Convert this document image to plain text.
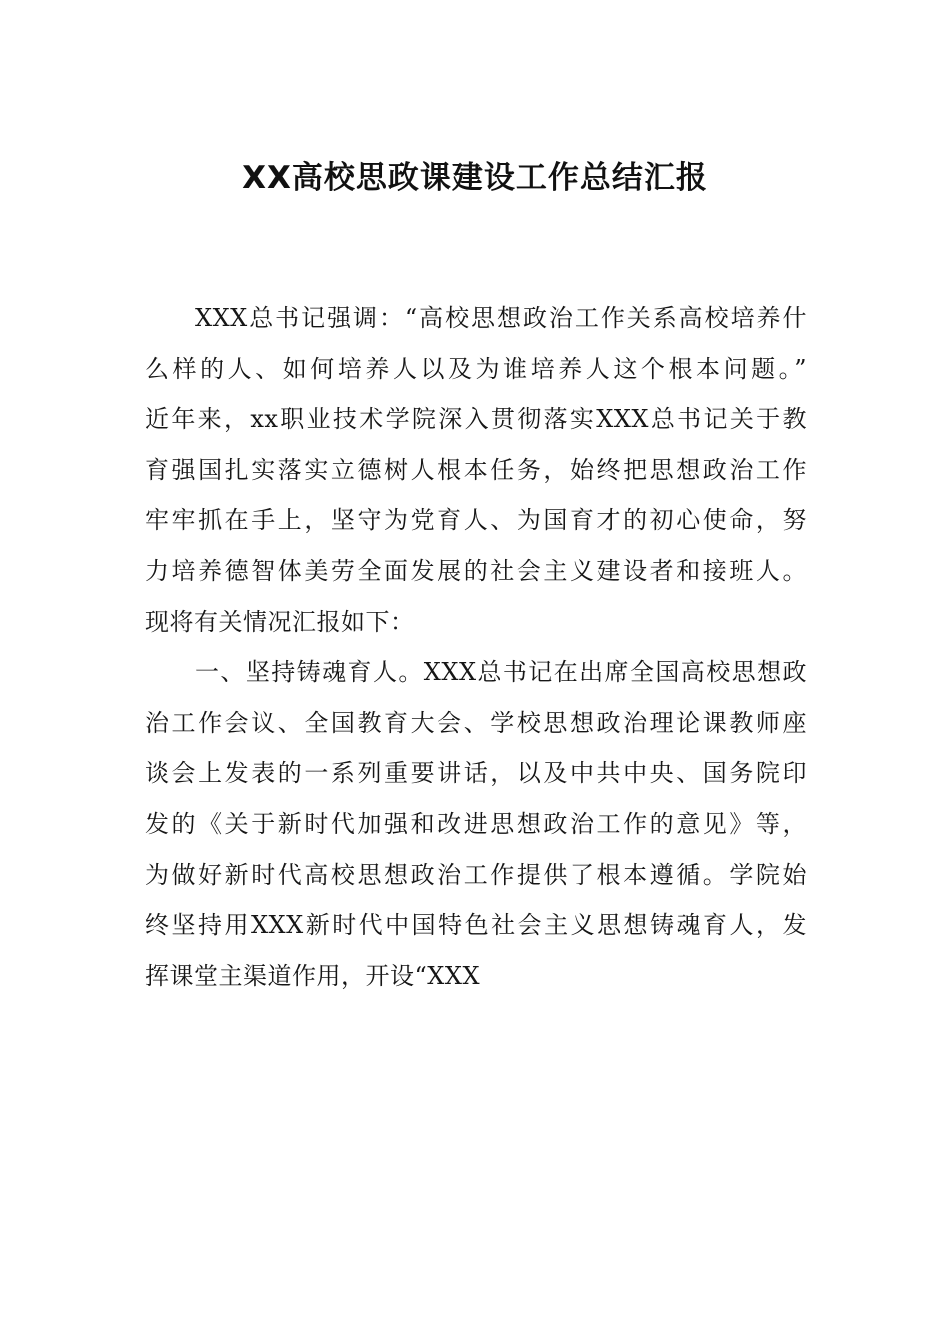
XX高校思政课建设工作总结汇报
XXX总书记强调：“高校思想政治工作关系高校培养什
么样的人、如何培养人以及为谁培养人这个根本问题。”
近年来，xx职业技术学院深入贯彻落实XXX总书记关于教
育强国扎实落实立德树人根本任务，始终把思想政治工作
牢牢抓在手上，坚守为党育人、为国育才的初心使命，努
力培养德智体美劳全面发展的社会主义建设者和接班人。
现将有关情况汇报如下：
一、坚持铸魂育人。XXX总书记在出席全国高校思想政
治工作会议、全国教育大会、学校思想政治理论课教师座
谈会上发表的一系列重要讲话，以及中共中央、国务院印
发的《关于新时代加强和改进思想政治工作的意见》等，
为做好新时代高校思想政治工作提供了根本遵循。学院始
终坚持用XXX新时代中国特色社会主义思想铸魂育人，发
挥课堂主渠道作用，开设“XXX
